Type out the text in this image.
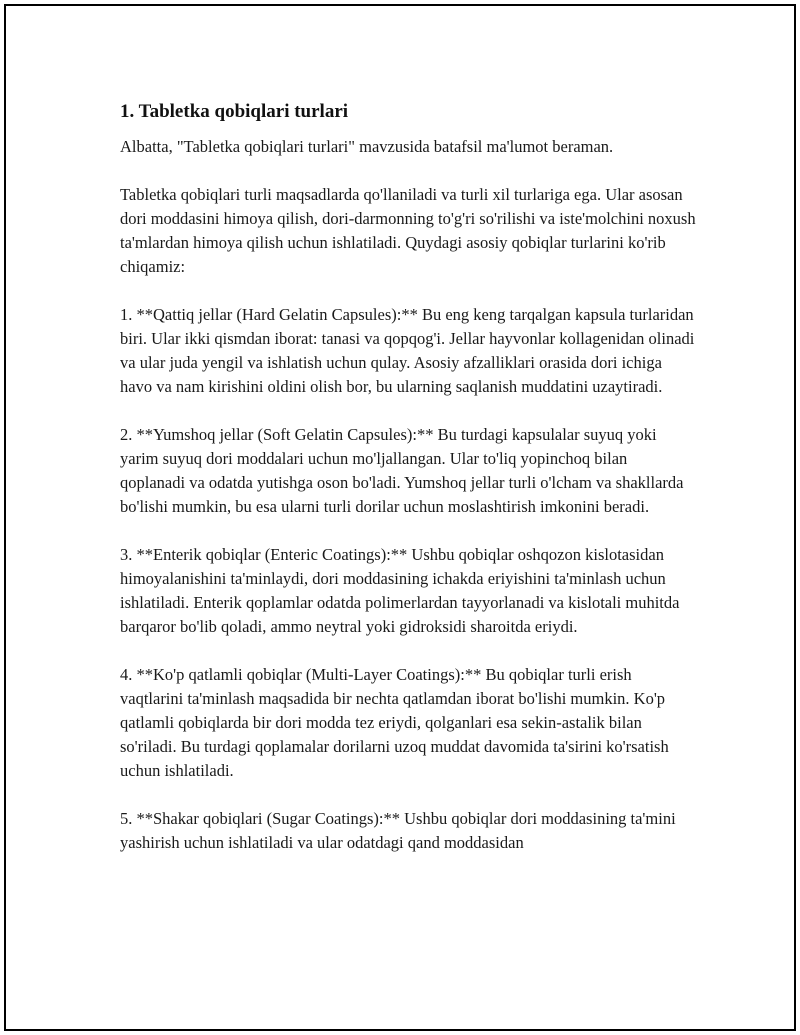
1. Tabletka qobiqlari turlari

Albatta, "Tabletka qobiqlari turlari" mavzusida batafsil ma'lumot beraman.

Tabletka qobiqlari turli maqsadlarda qo'llaniladi va turli xil turlariga ega. Ular asosan dori moddasini himoya qilish, dori-darmonning to'g'ri so'rilishi va iste'molchini noxush ta'mlardan himoya qilish uchun ishlatiladi. Quydagi asosiy qobiqlar turlarini ko'rib chiqamiz:

1. **Qattiq jellar (Hard Gelatin Capsules):** Bu eng keng tarqalgan kapsula turlaridan biri. Ular ikki qismdan iborat: tanasi va qopqog'i. Jellar hayvonlar kollagenidan olinadi va ular juda yengil va ishlatish uchun qulay. Asosiy afzalliklari orasida dori ichiga havo va nam kirishini oldini olish bor, bu ularning saqlanish muddatini uzaytiradi.

2. **Yumshoq jellar (Soft Gelatin Capsules):** Bu turdagi kapsulalar suyuq yoki yarim suyuq dori moddalari uchun mo'ljallangan. Ular to'liq yopinchoq bilan qoplanadi va odatda yutishga oson bo'ladi. Yumshoq jellar turli o'lcham va shakllarda bo'lishi mumkin, bu esa ularni turli dorilar uchun moslashtirish imkonini beradi.

3. **Enterik qobiqlar (Enteric Coatings):** Ushbu qobiqlar oshqozon kislotasidan himoyalanishini ta'minlaydi, dori moddasining ichakda eriyishini ta'minlash uchun ishlatiladi. Enterik qoplamlar odatda polimerlardan tayyorlanadi va kislotali muhitda barqaror bo'lib qoladi, ammo neytral yoki gidroksidi sharoitda eriydi.

4. **Ko'p qatlamli qobiqlar (Multi-Layer Coatings):** Bu qobiqlar turli erish vaqtlarini ta'minlash maqsadida bir nechta qatlamdan iborat bo'lishi mumkin. Ko'p qatlamli qobiqlarda bir dori modda tez eriydi, qolganlari esa sekin-astalik bilan so'riladi. Bu turdagi qoplamalar dorilarni uzoq muddat davomida ta'sirini ko'rsatish uchun ishlatiladi.

5. **Shakar qobiqlari (Sugar Coatings):** Ushbu qobiqlar dori moddasining ta'mini yashirish uchun ishlatiladi va ular odatdagi qand moddasidan
